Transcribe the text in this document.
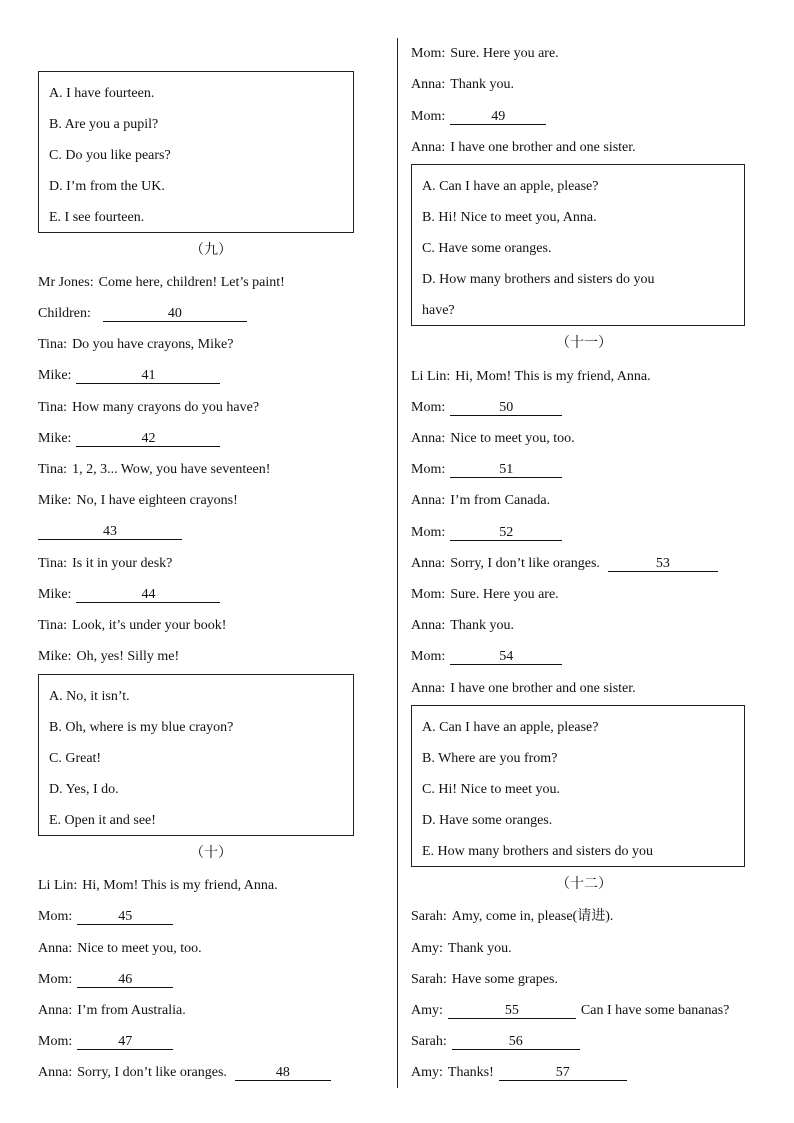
A. I have fourteen.
B. Are you a pupil?
C. Do you like pears?
D. I’m from the UK.
E. I see fourteen.
（九）
Mr Jones: Come here, children! Let’s paint!
Children:	40
Tina: Do you have crayons, Mike?
Mike:	41
Tina: How many crayons do you have?
Mike:	42
Tina: 1, 2, 3... Wow, you have seventeen!
Mike: No, I have eighteen crayons!
43
Tina: Is it in your desk?
Mike:	44
Tina: Look, it’s under your book!
Mike: Oh, yes! Silly me!
A. No, it isn’t.
B. Oh, where is my blue crayon?
C. Great!
D. Yes, I do.
E. Open it and see!
（十）
Li Lin: Hi, Mom! This is my friend, Anna.
Mom:	45
Anna: Nice to meet you, too.
Mom:	46
Anna: I’m from Australia.
Mom:	47
Anna: Sorry, I don’t like oranges.	48
Mom: Sure. Here you are.
Anna: Thank you.
Mom:	49
Anna: I have one brother and one sister.
A. Can I have an apple, please?
B. Hi! Nice to meet you, Anna.
C. Have some oranges.
D. How many brothers and sisters do you
have?
（十一）
Li Lin: Hi, Mom! This is my friend, Anna.
Mom:	50
Anna: Nice to meet you, too.
Mom:	51
Anna: I’m from Canada.
Mom:	52
Anna: Sorry, I don’t like oranges.	53
Mom: Sure. Here you are.
Anna: Thank you.
Mom:	54
Anna: I have one brother and one sister.
A. Can I have an apple, please?
B. Where are you from?
C. Hi! Nice to meet you.
D. Have some oranges.
E. How many brothers and sisters do you
（十二）
Sarah: Amy, come in, please(请进).
Amy: Thank you.
Sarah: Have some grapes.
Amy:	55	Can I have some bananas?
Sarah:	56
Amy: Thanks!	57
